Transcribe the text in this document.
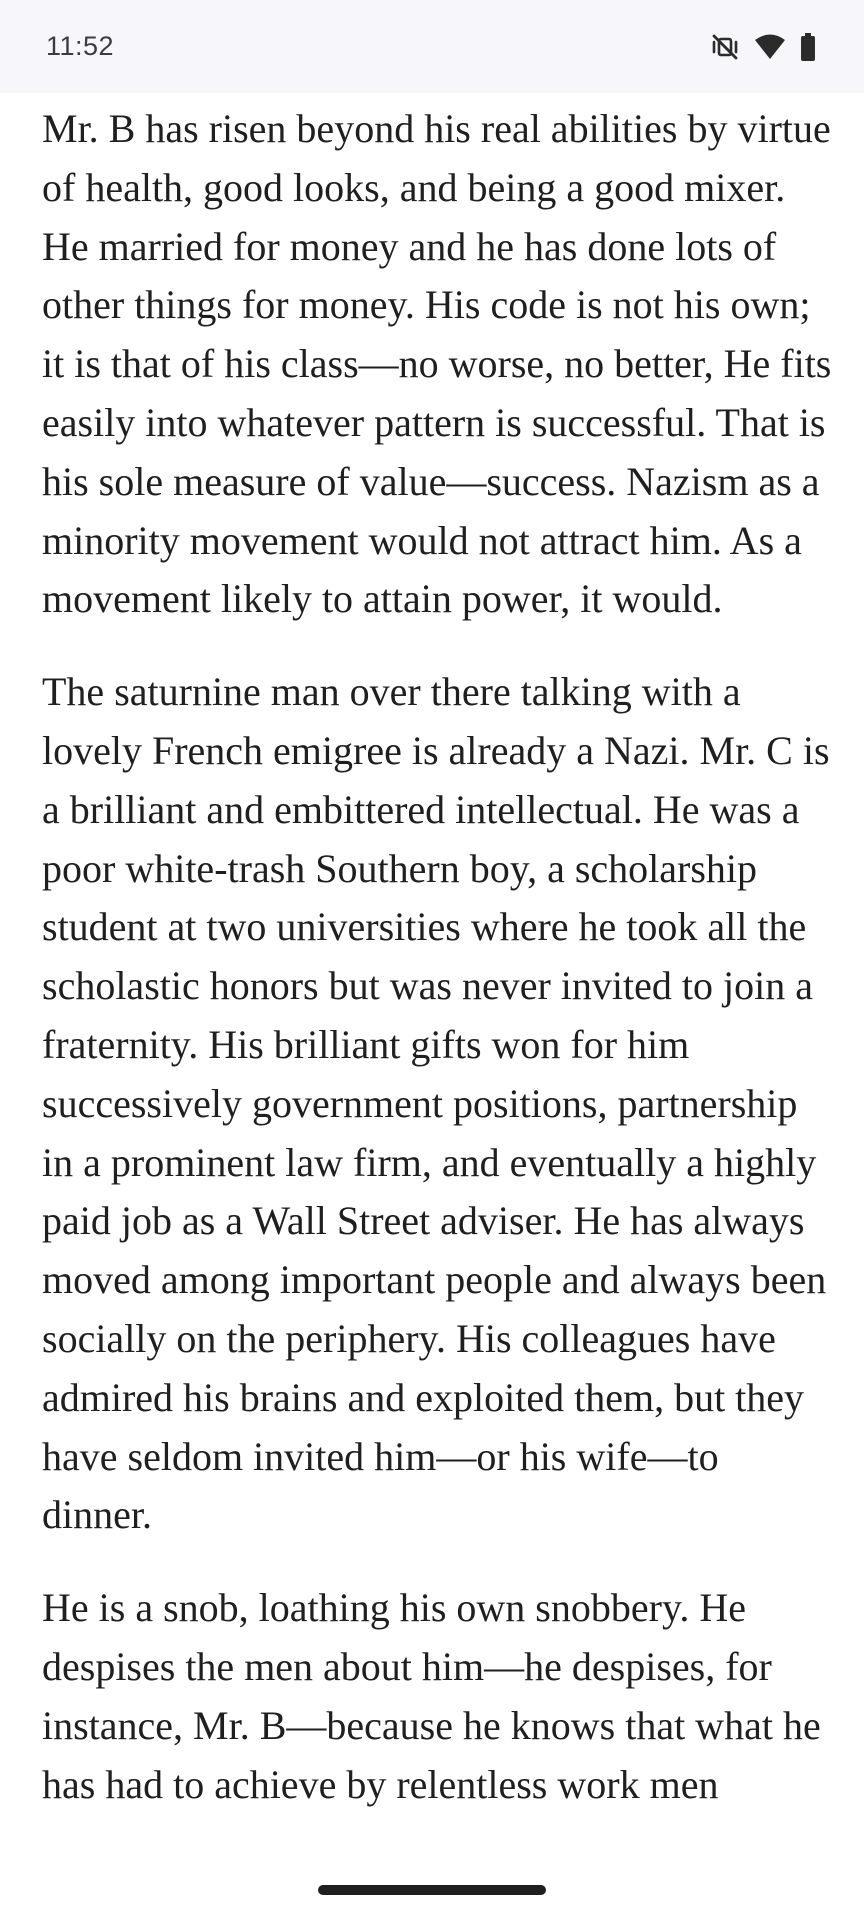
11:52

Mr. B has risen beyond his real abilities by virtue of health, good looks, and being a good mixer. He married for money and he has done lots of other things for money. His code is not his own; it is that of his class—no worse, no better, He fits easily into whatever pattern is successful. That is his sole measure of value—success. Nazism as a minority movement would not attract him. As a movement likely to attain power, it would.

The saturnine man over there talking with a lovely French emigree is already a Nazi. Mr. C is a brilliant and embittered intellectual. He was a poor white-trash Southern boy, a scholarship student at two universities where he took all the scholastic honors but was never invited to join a fraternity. His brilliant gifts won for him successively government positions, partnership in a prominent law firm, and eventually a highly paid job as a Wall Street adviser. He has always moved among important people and always been socially on the periphery. His colleagues have admired his brains and exploited them, but they have seldom invited him—or his wife—to dinner.

He is a snob, loathing his own snobbery. He despises the men about him—he despises, for instance, Mr. B—because he knows that what he has had to achieve by relentless work men
